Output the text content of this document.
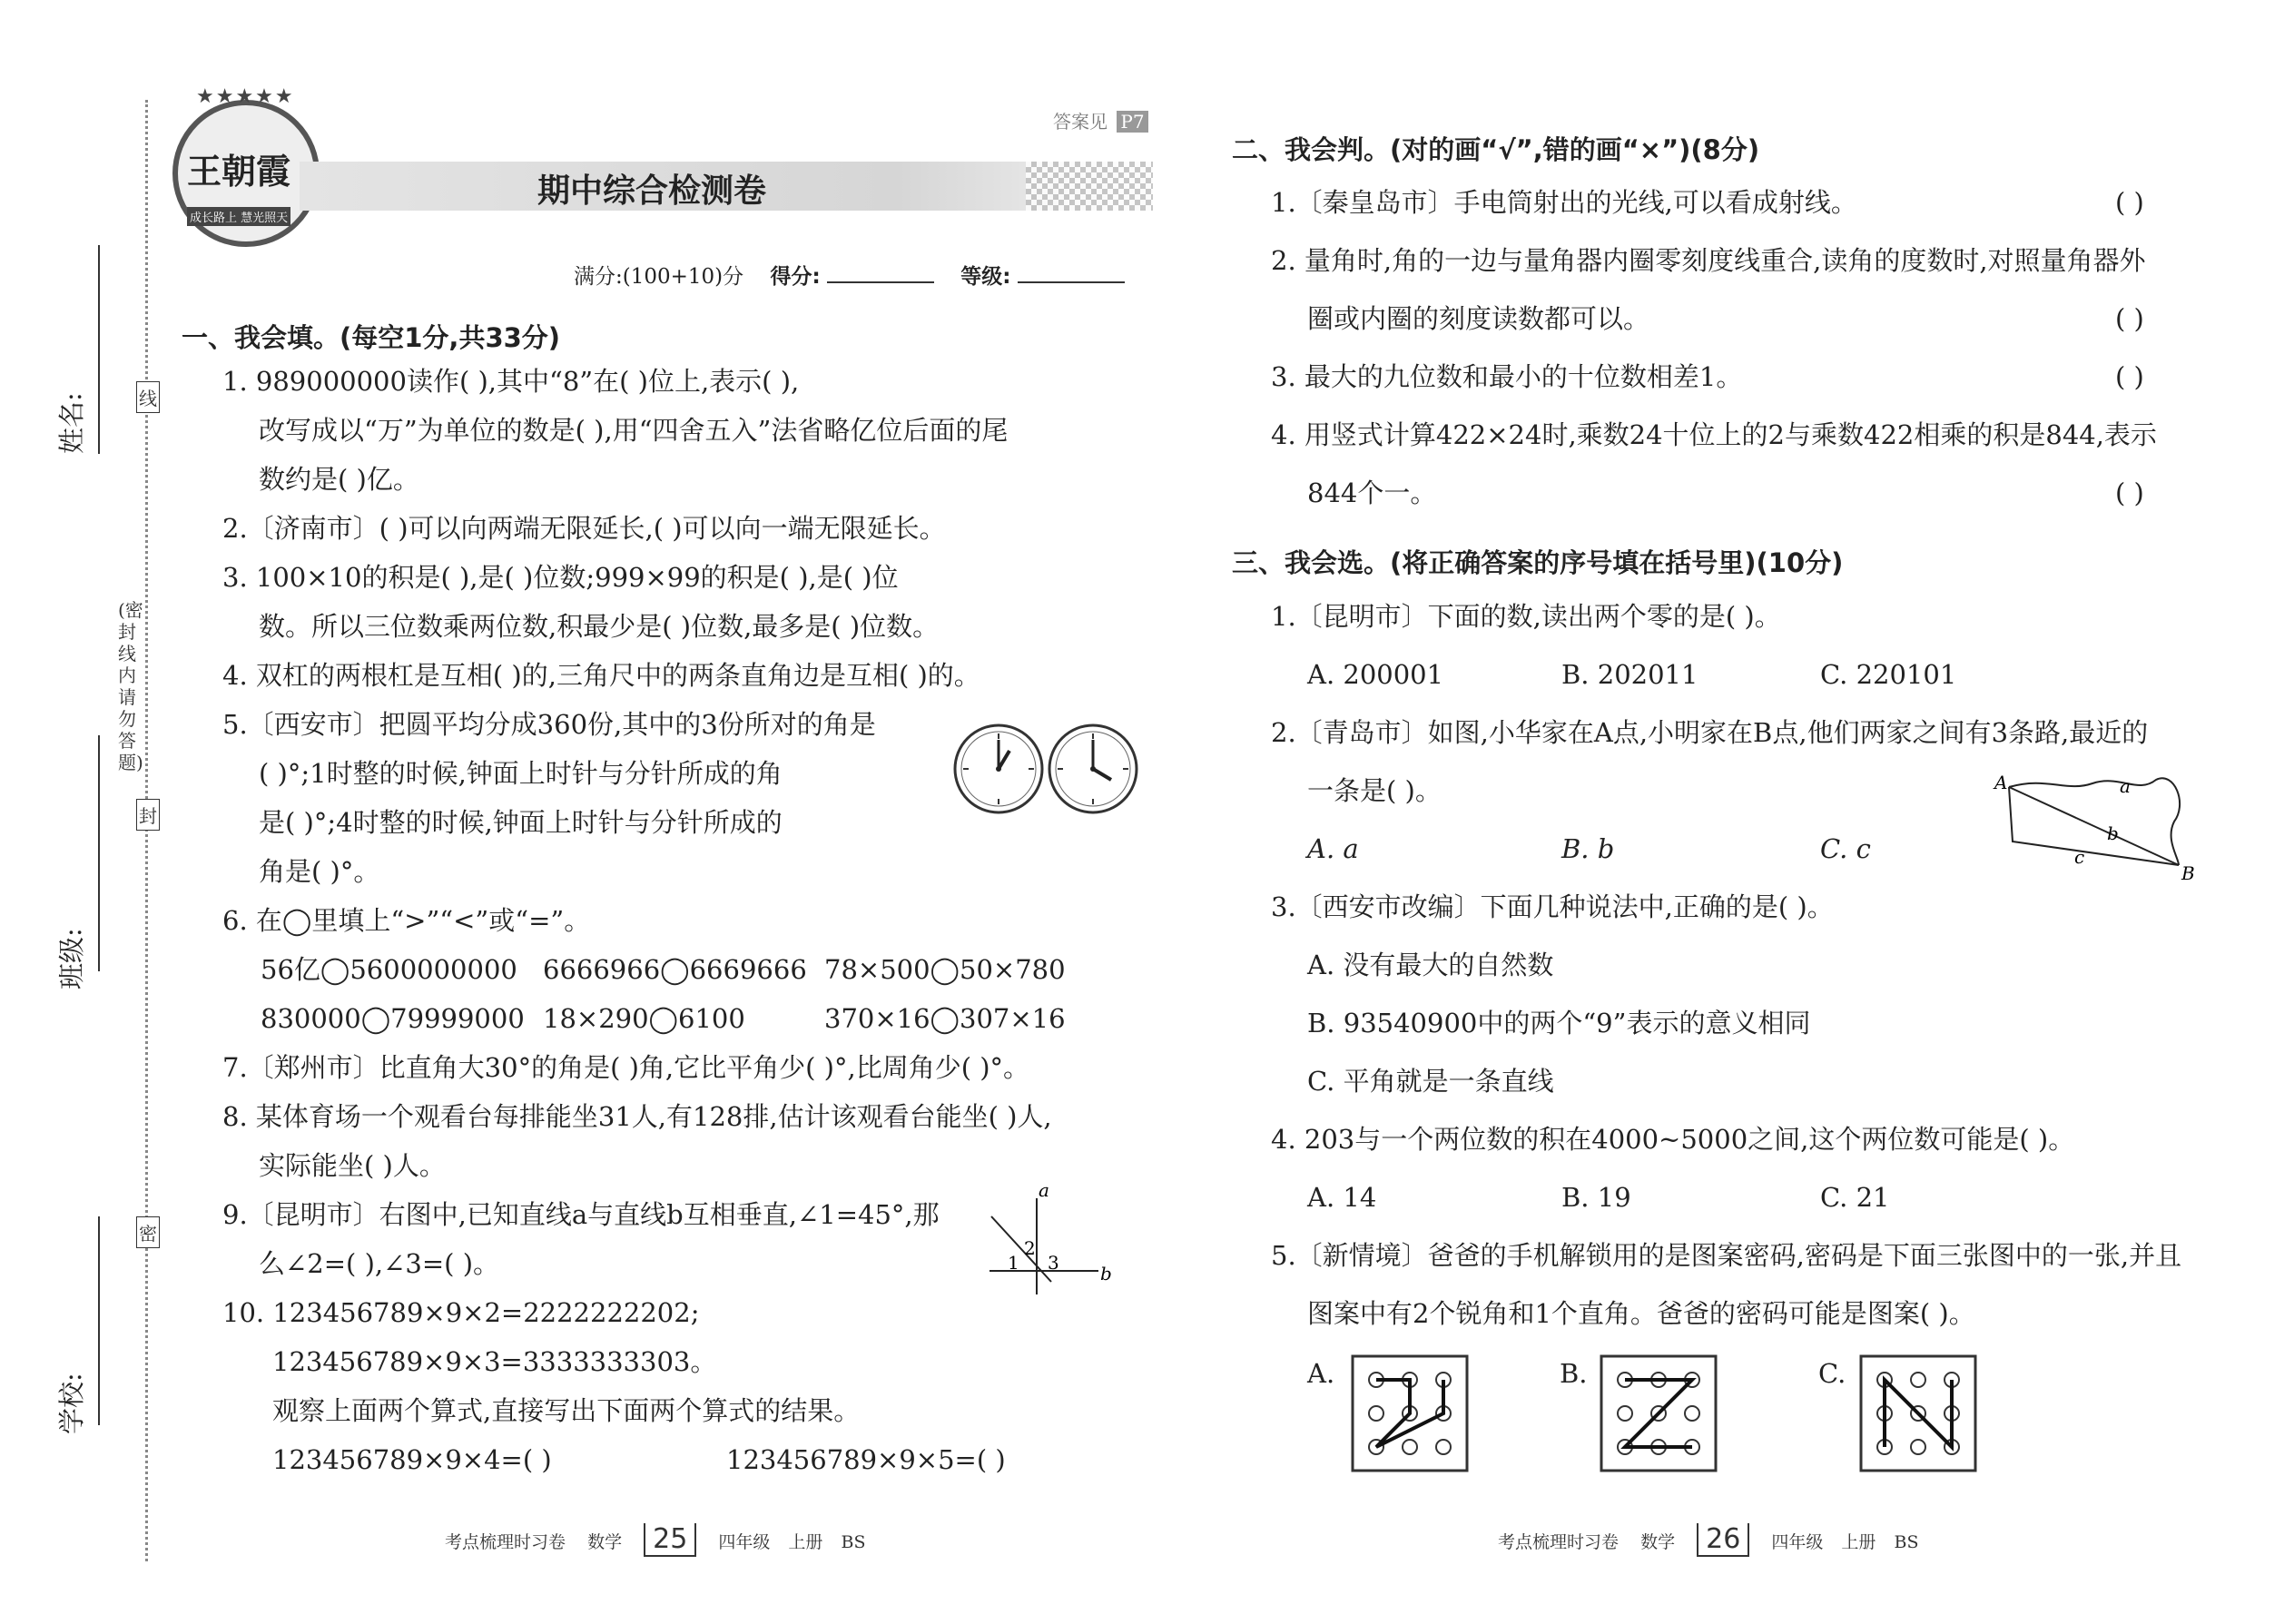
姓名:
班级:
学校:
(密封线内请勿答题)
线
封
密
★★★★★
王朝霞
成长路上 慧光照天
期中综合检测卷
答案见 P7
满分:(100+10)分 得分:	等级:
一、我会填。(每空1分,共33分)
1. 989000000读作( ),其中“8”在( )位上,表示( ),
改写成以“万”为单位的数是( ),用“四舍五入”法省略亿位后面的尾
数约是( )亿。
2.〔济南市〕( )可以向两端无限延长,( )可以向一端无限延长。
3. 100×10的积是( ),是( )位数;999×99的积是( ),是( )位
数。所以三位数乘两位数,积最少是( )位数,最多是( )位数。
4. 双杠的两根杠是互相( )的,三角尺中的两条直角边是互相( )的。
5.〔西安市〕把圆平均分成360份,其中的3份所对的角是
( )°;1时整的时候,钟面上时针与分针所成的角
是( )°;4时整的时候,钟面上时针与分针所成的
角是( )°。
6. 在◯里填上“>”“<”或“=”。
56亿◯5600000000 6666966◯6669666 78×500◯50×780
830000◯79999000 18×290◯6100	370×16◯307×16
7.〔郑州市〕比直角大30°的角是( )角,它比平角少( )°,比周角少( )°。
8. 某体育场一个观看台每排能坐31人,有128排,估计该观看台能坐( )人,
实际能坐( )人。
9.〔昆明市〕右图中,已知直线a与直线b互相垂直,∠1=45°,那
么∠2=( ),∠3=( )。
a
b
1
2
3
10. 123456789×9×2=2222222202;
123456789×9×3=3333333303。
观察上面两个算式,直接写出下面两个算式的结果。
123456789×9×4=( )	123456789×9×5=( )
考点梳理时习卷 数学 25 四年级 上册 BS
二、我会判。(对的画“√”,错的画“×”)(8分)
1.〔秦皇岛市〕手电筒射出的光线,可以看成射线。	( )
2. 量角时,角的一边与量角器内圈零刻度线重合,读角的度数时,对照量角器外
圈或内圈的刻度读数都可以。	( )
3. 最大的九位数和最小的十位数相差1。	( )
4. 用竖式计算422×24时,乘数24十位上的2与乘数422相乘的积是844,表示
844个一。	( )
三、我会选。(将正确答案的序号填在括号里)(10分)
1.〔昆明市〕下面的数,读出两个零的是( )。
A. 200001	B. 202011	C. 220101
2.〔青岛市〕如图,小华家在A点,小明家在B点,他们两家之间有3条路,最近的
一条是( )。
A. a	B. b	C. c
A
B
a
b
c
3.〔西安市改编〕下面几种说法中,正确的是( )。
A. 没有最大的自然数
B. 93540900中的两个“9”表示的意义相同
C. 平角就是一条直线
4. 203与一个两位数的积在4000~5000之间,这个两位数可能是( )。
A. 14	B. 19	C. 21
5.〔新情境〕爸爸的手机解锁用的是图案密码,密码是下面三张图中的一张,并且
图案中有2个锐角和1个直角。爸爸的密码可能是图案( )。
A.	B.	C.
考点梳理时习卷 数学 26 四年级 上册 BS
